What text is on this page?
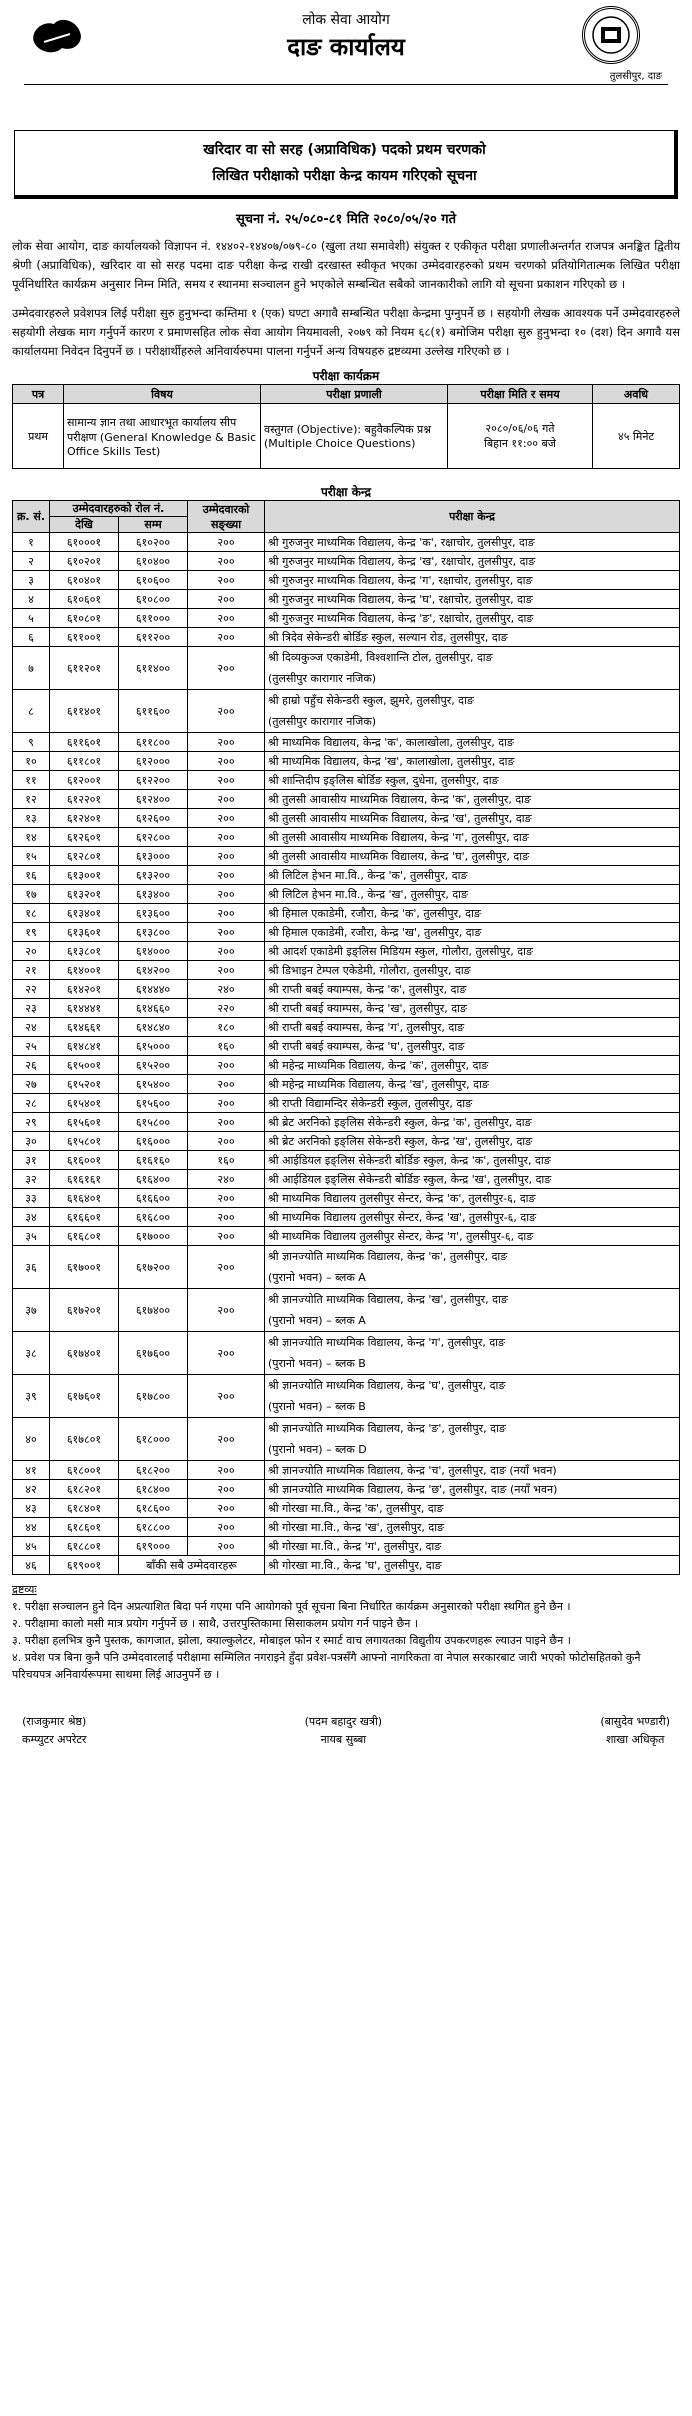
लोक सेवा आयोग
दाङ कार्यालय
तुलसीपुर, दाङ
खरिदार वा सो सरह (अप्राविधिक) पदको प्रथम चरणको
लिखित परीक्षाको परीक्षा केन्द्र कायम गरिएको सूचना
सूचना नं. २५/०८०-८१ मिति २०८०/०५/२० गते

लोक सेवा आयोग, दाङ कार्यालयको विज्ञापन नं. १४४०२-१४४०७/०७९-८० (खुला तथा समावेशी) संयुक्त र एकीकृत परीक्षा प्रणालीअन्तर्गत राजपत्र अनङ्कित द्वितीय श्रेणी (अप्राविधिक), खरिदार वा सो सरह पदमा दाङ परीक्षा केन्द्र राखी दरखास्त स्वीकृत भएका उम्मेदवारहरुको प्रथम चरणको प्रतियोगितात्मक लिखित परीक्षा पूर्वनिर्धारित कार्यक्रम अनुसार निम्न मिति, समय र स्थानमा सञ्चालन हुने भएकोले सम्बन्धित सबैको जानकारीको लागि यो सूचना प्रकाशन गरिएको छ ।

उम्मेदवारहरुले प्रवेशपत्र लिई परीक्षा सुरु हुनुभन्दा कम्तिमा १ (एक) घण्टा अगावै सम्बन्धित परीक्षा केन्द्रमा पुग्नुपर्ने छ । सहयोगी लेखक आवश्यक पर्ने उम्मेदवारहरुले सहयोगी लेखक माग गर्नुपर्ने कारण र प्रमाणसहित लोक सेवा आयोग नियमावली, २०७९ को नियम ६८(१) बमोजिम परीक्षा सुरु हुनुभन्दा १० (दश) दिन अगावै यस कार्यालयमा निवेदन दिनुपर्ने छ । परीक्षार्थीहरुले अनिवार्यरुपमा पालना गर्नुपर्ने अन्य विषयहरु द्रष्टव्यमा उल्लेख गरिएको छ ।

परीक्षा कार्यक्रम
पत्र	विषय	परीक्षा प्रणाली	परीक्षा मिति र समय	अवधि
प्रथम	सामान्य ज्ञान तथा आधारभूत कार्यालय सीप परीक्षण (General Knowledge & Basic Office Skills Test)	वस्तुगत (Objective): बहुवैकल्पिक प्रश्न (Multiple Choice Questions)	२०८०/०६/०६ गते
बिहान ११:०० बजे	४५ मिनेट
परीक्षा केन्द्र
क्र. सं.	उम्मेदवारहरुको रोल नं.		उम्मेदवारको सङ्ख्या	परीक्षा केन्द्र
	देखि	सम्म		
१	६१०००१	६१०२००	२००	श्री गुरुजनुर माध्यमिक विद्यालय, केन्द्र 'क', रक्षाचोर, तुलसीपुर, दाङ

२	६१०२०१	६१०४००	२००	श्री गुरुजनुर माध्यमिक विद्यालय, केन्द्र 'ख', रक्षाचोर, तुलसीपुर, दाङ

३	६१०४०१	६१०६००	२००	श्री गुरुजनुर माध्यमिक विद्यालय, केन्द्र 'ग', रक्षाचोर, तुलसीपुर, दाङ

४	६१०६०१	६१०८००	२००	श्री गुरुजनुर माध्यमिक विद्यालय, केन्द्र 'घ', रक्षाचोर, तुलसीपुर, दाङ

५	६१०८०१	६११०००	२००	श्री गुरुजनुर माध्यमिक विद्यालय, केन्द्र 'ङ', रक्षाचोर, तुलसीपुर, दाङ

६	६११००१	६११२००	२००	श्री त्रिदेव सेकेन्डरी बोर्डिङ स्कुल, सल्यान रोड, तुलसीपुर, दाङ

७	६११२०१	६११४००	२००	श्री दिव्यकुञ्ज एकाडेमी, विश्वशान्ति टोल, तुलसीपुर, दाङ
(तुलसीपुर कारागार नजिक)

८	६११४०१	६११६००	२००	श्री हाम्रो पहुँच सेकेन्डरी स्कुल, झुमरे, तुलसीपुर, दाङ
(तुलसीपुर कारागार नजिक)

९	६११६०१	६११८००	२००	श्री माध्यमिक विद्यालय, केन्द्र 'क', कालाखोला, तुलसीपुर, दाङ

१०	६११८०१	६१२०००	२००	श्री माध्यमिक विद्यालय, केन्द्र 'ख', कालाखोला, तुलसीपुर, दाङ

११	६१२००१	६१२२००	२००	श्री शान्तिदीप इङ्लिस बोर्डिङ स्कुल, दुधेना, तुलसीपुर, दाङ

१२	६१२२०१	६१२४००	२००	श्री तुलसी आवासीय माध्यमिक विद्यालय, केन्द्र 'क', तुलसीपुर, दाङ

१३	६१२४०१	६१२६००	२००	श्री तुलसी आवासीय माध्यमिक विद्यालय, केन्द्र 'ख', तुलसीपुर, दाङ

१४	६१२६०१	६१२८००	२००	श्री तुलसी आवासीय माध्यमिक विद्यालय, केन्द्र 'ग', तुलसीपुर, दाङ

१५	६१२८०१	६१३०००	२००	श्री तुलसी आवासीय माध्यमिक विद्यालय, केन्द्र 'घ', तुलसीपुर, दाङ

१६	६१३००१	६१३२००	२००	श्री लिटिल हेभन मा.वि., केन्द्र 'क', तुलसीपुर, दाङ

१७	६१३२०१	६१३४००	२००	श्री लिटिल हेभन मा.वि., केन्द्र 'ख', तुलसीपुर, दाङ

१८	६१३४०१	६१३६००	२००	श्री हिमाल एकाडेमी, रजौरा, केन्द्र 'क', तुलसीपुर, दाङ

१९	६१३६०१	६१३८००	२००	श्री हिमाल एकाडेमी, रजौरा, केन्द्र 'ख', तुलसीपुर, दाङ

२०	६१३८०१	६१४०००	२००	श्री आदर्श एकाडेमी इङ्लिस मिडियम स्कुल, गोलौरा, तुलसीपुर, दाङ

२१	६१४००१	६१४२००	२००	श्री डिभाइन टेम्पल एकेडेमी, गोलौरा, तुलसीपुर, दाङ

२२	६१४२०१	६१४४४०	२४०	श्री राप्ती बबई क्याम्पस, केन्द्र 'क', तुलसीपुर, दाङ

२३	६१४४४१	६१४६६०	२२०	श्री राप्ती बबई क्याम्पस, केन्द्र 'ख', तुलसीपुर, दाङ

२४	६१४६६१	६१४८४०	१८०	श्री राप्ती बबई क्याम्पस, केन्द्र 'ग', तुलसीपुर, दाङ

२५	६१४८४१	६१५०००	१६०	श्री राप्ती बबई क्याम्पस, केन्द्र 'घ', तुलसीपुर, दाङ

२६	६१५००१	६१५२००	२००	श्री महेन्द्र माध्यमिक विद्यालय, केन्द्र 'क', तुलसीपुर, दाङ

२७	६१५२०१	६१५४००	२००	श्री महेन्द्र माध्यमिक विद्यालय, केन्द्र 'ख', तुलसीपुर, दाङ

२८	६१५४०१	६१५६००	२००	श्री राप्ती विद्यामन्दिर सेकेन्डरी स्कुल, तुलसीपुर, दाङ

२९	६१५६०१	६१५८००	२००	श्री ब्रेट अरनिको इङ्लिस सेकेन्डरी स्कुल, केन्द्र 'क', तुलसीपुर, दाङ

३०	६१५८०१	६१६०००	२००	श्री ब्रेट अरनिको इङ्लिस सेकेन्डरी स्कुल, केन्द्र 'ख', तुलसीपुर, दाङ

३१	६१६००१	६१६१६०	१६०	श्री आईडियल इङ्लिस सेकेन्डरी बोर्डिङ स्कुल, केन्द्र 'क', तुलसीपुर, दाङ

३२	६१६१६१	६१६४००	२४०	श्री आईडियल इङ्लिस सेकेन्डरी बोर्डिङ स्कुल, केन्द्र 'ख', तुलसीपुर, दाङ

३३	६१६४०१	६१६६००	२००	श्री माध्यमिक विद्यालय तुलसीपुर सेन्टर, केन्द्र 'क', तुलसीपुर-६, दाङ

३४	६१६६०१	६१६८००	२००	श्री माध्यमिक विद्यालय तुलसीपुर सेन्टर, केन्द्र 'ख', तुलसीपुर-६, दाङ

३५	६१६८०१	६१७०००	२००	श्री माध्यमिक विद्यालय तुलसीपुर सेन्टर, केन्द्र 'ग', तुलसीपुर-६, दाङ

३६	६१७००१	६१७२००	२००	श्री ज्ञानज्योति माध्यमिक विद्यालय, केन्द्र 'क', तुलसीपुर, दाङ
(पुरानो भवन) – ब्लक A

३७	६१७२०१	६१७४००	२००	श्री ज्ञानज्योति माध्यमिक विद्यालय, केन्द्र 'ख', तुलसीपुर, दाङ
(पुरानो भवन) – ब्लक A

३८	६१७४०१	६१७६००	२००	श्री ज्ञानज्योति माध्यमिक विद्यालय, केन्द्र 'ग', तुलसीपुर, दाङ
(पुरानो भवन) – ब्लक B

३९	६१७६०१	६१७८००	२००	श्री ज्ञानज्योति माध्यमिक विद्यालय, केन्द्र 'घ', तुलसीपुर, दाङ
(पुरानो भवन) – ब्लक B

४०	६१७८०१	६१८०००	२००	श्री ज्ञानज्योति माध्यमिक विद्यालय, केन्द्र 'ङ', तुलसीपुर, दाङ
(पुरानो भवन) – ब्लक D

४१	६१८००१	६१८२००	२००	श्री ज्ञानज्योति माध्यमिक विद्यालय, केन्द्र 'च', तुलसीपुर, दाङ (नयाँ भवन)

४२	६१८२०१	६१८४००	२००	श्री ज्ञानज्योति माध्यमिक विद्यालय, केन्द्र 'छ', तुलसीपुर, दाङ (नयाँ भवन)

४३	६१८४०१	६१८६००	२००	श्री गोरखा मा.वि., केन्द्र 'क', तुलसीपुर, दाङ

४४	६१८६०१	६१८८००	२००	श्री गोरखा मा.वि., केन्द्र 'ख', तुलसीपुर, दाङ

४५	६१८८०१	६१९०००	२००	श्री गोरखा मा.वि., केन्द्र 'ग', तुलसीपुर, दाङ

४६	६१९००१	बाँकी सबै उम्मेदवारहरू		श्री गोरखा मा.वि., केन्द्र 'घ', तुलसीपुर, दाङ
द्रष्टव्यः
१. परीक्षा सञ्चालन हुने दिन अप्रत्याशित बिदा पर्न गएमा पनि आयोगको पूर्व सूचना बिना निर्धारित कार्यक्रम अनुसारको परीक्षा स्थगित हुने छैन ।
२. परीक्षामा कालो मसी मात्र प्रयोग गर्नुपर्ने छ । साथै, उत्तरपुस्तिकामा सिसाकलम प्रयोग गर्न पाइने छैन ।
३. परीक्षा हलभित्र कुनै पुस्तक, कागजात, झोला, क्याल्कुलेटर, मोबाइल फोन र स्मार्ट वाच लगायतका विद्युतीय उपकरणहरू ल्याउन पाइने छैन ।
४. प्रवेश पत्र बिना कुनै पनि उम्मेदवारलाई परीक्षामा सम्मिलित नगराइने हुँदा प्रवेश-पत्रसँगै आफ्नो नागरिकता वा नेपाल सरकारबाट जारी भएको फोटोसहितको कुनै परिचयपत्र अनिवार्यरूपमा साथमा लिई आउनुपर्ने छ ।
(राजकुमार श्रेष्ठ)
कम्प्युटर अपरेटर
(पदम बहादुर खत्री)
नायब सुब्बा
(बासुदेव भण्डारी)
शाखा अधिकृत
